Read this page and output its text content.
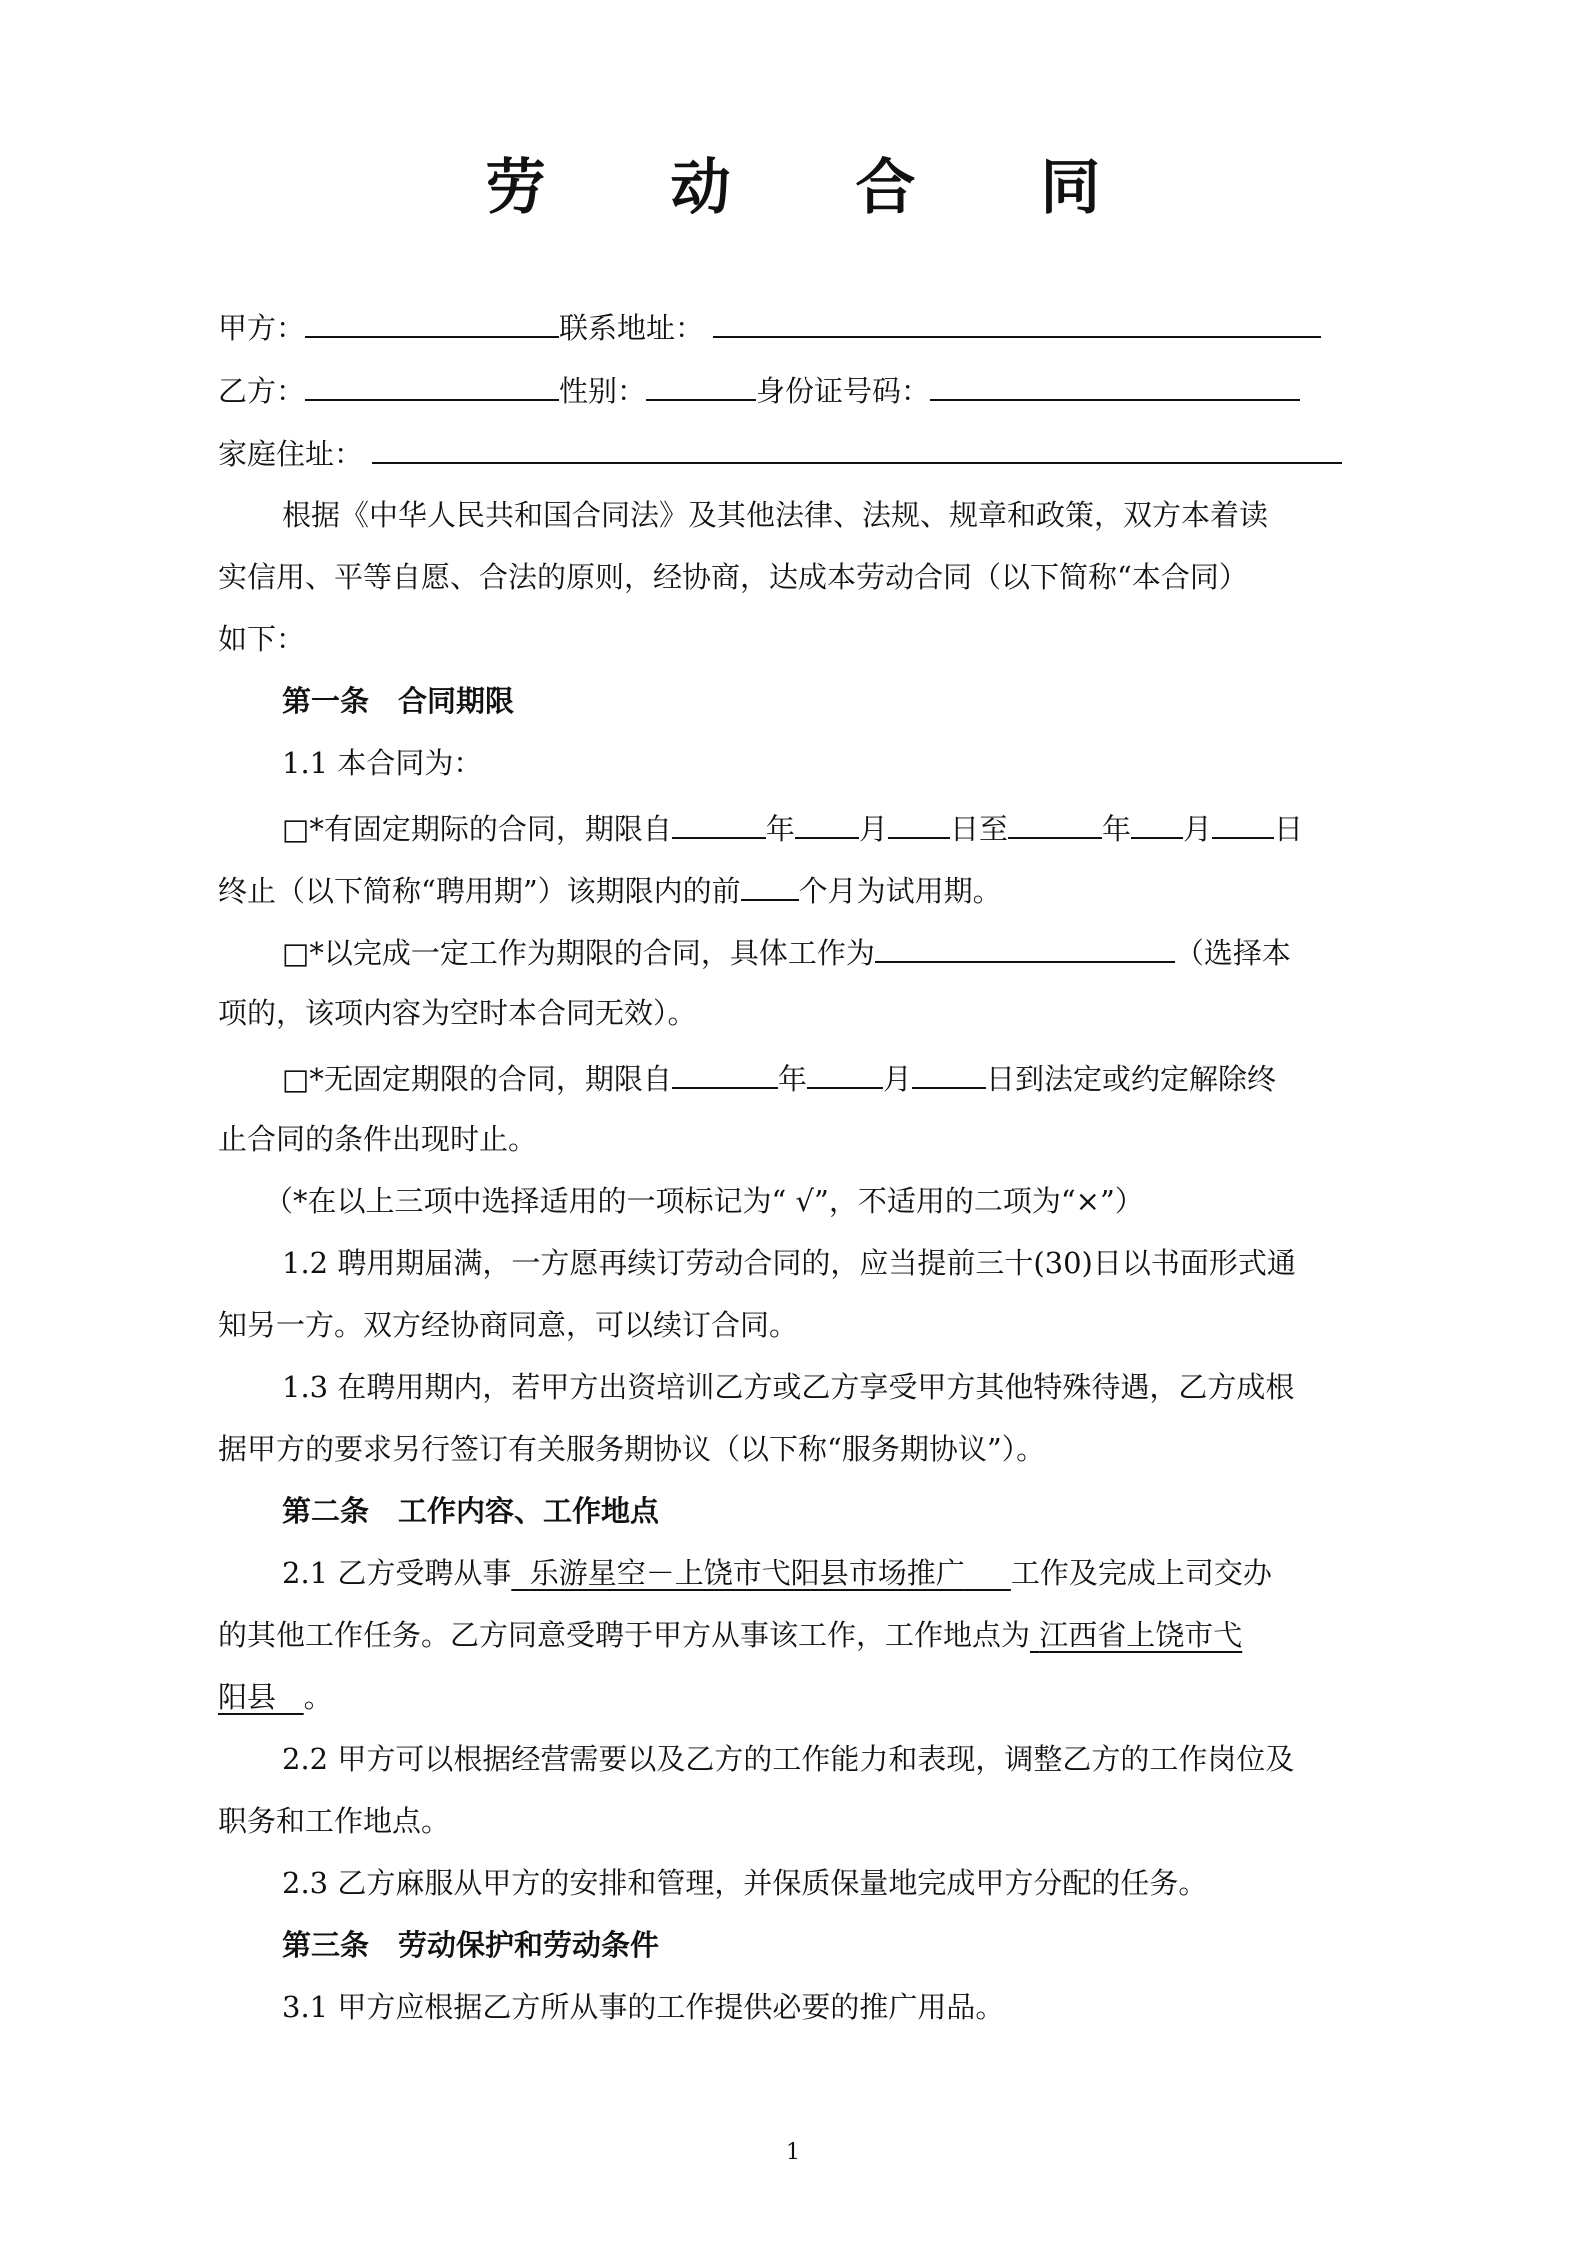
劳 动 合 同
甲方：	联系地址：
乙方：	性别：	身份证号码：
家庭住址：
根据《中华人民共和国合同法》及其他法律、法规、规章和政策，双方本着读
实信用、平等自愿、合法的原则，经协商，达成本劳动合同（以下简称“本合同）
如下：
第一条　合同期限
1.1 本合同为：
□*有固定期际的合同，期限自	年 月 日至	年 月 日
终止（以下简称“聘用期”）该期限内的前 个月为试用期。
□*以完成一定工作为期限的合同，具体工作为	（选择本
项的，该项内容为空时本合同无效）。
□*无固定期限的合同，期限自	年	月	日到法定或约定解除终
止合同的条件出现时止。
（*在以上三项中选择适用的一项标记为“ √”，不适用的二项为“×”）
1.2 聘用期届满，一方愿再续订劳动合同的，应当提前三十(30)日以书面形式通
知另一方。双方经协商同意，可以续订合同。
1.3 在聘用期内，若甲方出资培训乙方或乙方享受甲方其他特殊待遇，乙方成根
据甲方的要求另行签订有关服务期协议（以下称“服务期协议”）。
第二条　工作内容、工作地点
2.1 乙方受聘从事 乐游星空－上饶市弋阳县市场推广 工作及完成上司交办
的其他工作任务。乙方同意受聘于甲方从事该工作，工作地点为 江西省上饶市弋
阳县 。
2.2 甲方可以根据经营需要以及乙方的工作能力和表现，调整乙方的工作岗位及
职务和工作地点。
2.3 乙方麻服从甲方的安排和管理，并保质保量地完成甲方分配的任务。
第三条　劳动保护和劳动条件
3.1 甲方应根据乙方所从事的工作提供必要的推广用品。
1
